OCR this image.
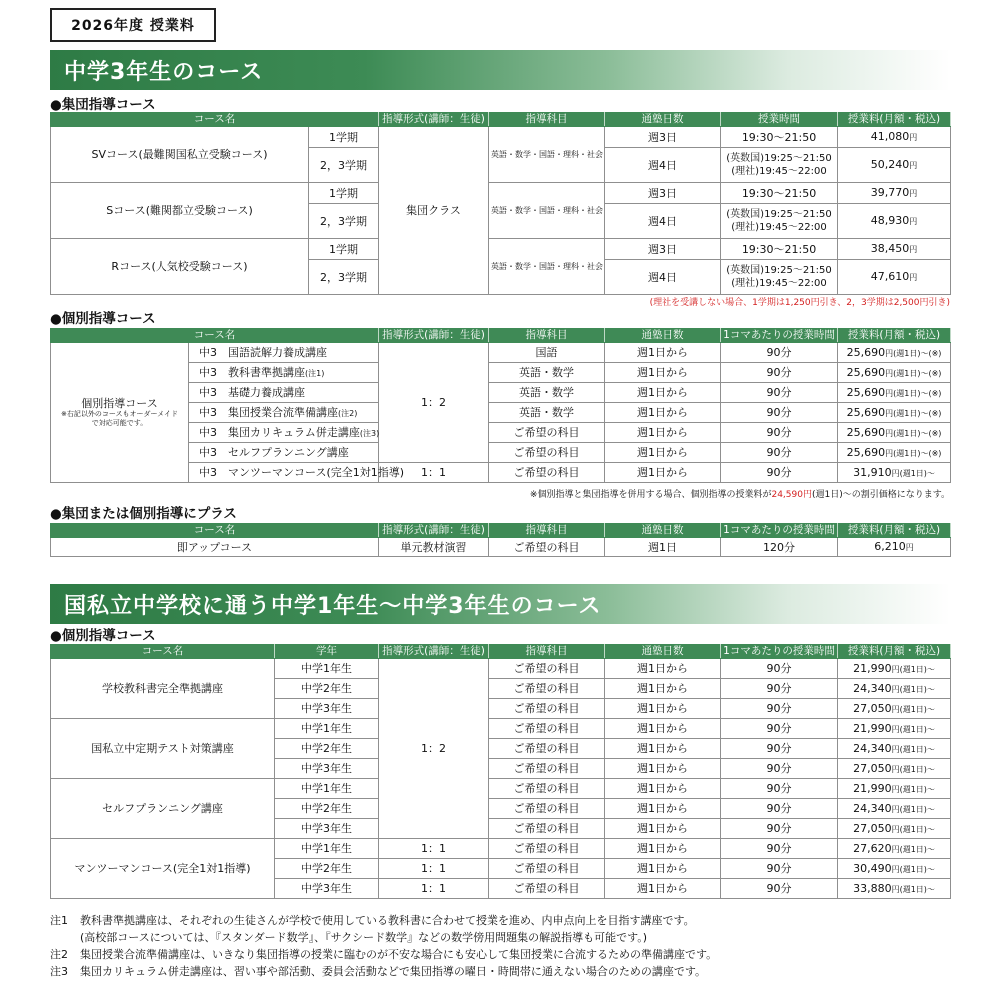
2026年度 授業料
中学3年生のコース
●集団指導コース
コース名		指導形式(講師：生徒)	指導科目	通塾日数	授業時間	授業料(月額・税込)
SVコース(最難関国私立受験コース)	1学期	集団クラス	英語・数学・国語・理科・社会	週3日	19:30〜21:50	41,080円
	2，3学期			週4日	(英数国)19:25〜21:50
(理社)19:45〜22:00	50,240円
Sコース(難関都立受験コース)	1学期		英語・数学・国語・理科・社会	週3日	19:30〜21:50	39,770円
	2，3学期			週4日	(英数国)19:25〜21:50
(理社)19:45〜22:00	48,930円
Rコース(人気校受験コース)	1学期		英語・数学・国語・理科・社会	週3日	19:30〜21:50	38,450円
	2，3学期			週4日	(英数国)19:25〜21:50
(理社)19:45〜22:00	47,610円
(理社を受講しない場合、1学期は1,250円引き、2，3学期は2,500円引き)
●個別指導コース
コース名		指導形式(講師：生徒)	指導科目	通塾日数	1コマあたりの授業時間	授業料(月額・税込)

個別指導コース
※右記以外のコースもオーダーメイドで対応可能です。	中3　 国語読解力養成講座	1：2	国語	週1日から	90分	25,690円(週1日)〜(※)
	中3　 教科書準拠講座(注1)		英語・数学	週1日から	90分	25,690円(週1日)〜(※)
	中3　 基礎力養成講座		英語・数学	週1日から	90分	25,690円(週1日)〜(※)
	中3　 集団授業合流準備講座(注2)		英語・数学	週1日から	90分	25,690円(週1日)〜(※)
	中3　 集団カリキュラム併走講座(注3)		ご希望の科目	週1日から	90分	25,690円(週1日)〜(※)
	中3　 セルフプランニング講座		ご希望の科目	週1日から	90分	25,690円(週1日)〜(※)
	中3　 マンツーマンコース(完全1対1指導)	1：1	ご希望の科目	週1日から	90分	31,910円(週1日)〜
※個別指導と集団指導を併用する場合、個別指導の授業料が24,590円(週1日)〜の割引価格になります。
●集団または個別指導にプラス
コース名	指導形式(講師：生徒)	指導科目	通塾日数	1コマあたりの授業時間	授業料(月額・税込)
即アップコース	単元教材演習	ご希望の科目	週1日	120分	6,210円
国私立中学校に通う中学1年生〜中学3年生のコース
●個別指導コース
コース名	学年	指導形式(講師：生徒)	指導科目	通塾日数	1コマあたりの授業時間	授業料(月額・税込)
学校教科書完全準拠講座	中学1年生	1：2	ご希望の科目	週1日から	90分	21,990円(週1日)〜
	中学2年生		ご希望の科目	週1日から	90分	24,340円(週1日)〜
	中学3年生		ご希望の科目	週1日から	90分	27,050円(週1日)〜
国私立中定期テスト対策講座	中学1年生		ご希望の科目	週1日から	90分	21,990円(週1日)〜
	中学2年生		ご希望の科目	週1日から	90分	24,340円(週1日)〜
	中学3年生		ご希望の科目	週1日から	90分	27,050円(週1日)〜
セルフプランニング講座	中学1年生		ご希望の科目	週1日から	90分	21,990円(週1日)〜
	中学2年生		ご希望の科目	週1日から	90分	24,340円(週1日)〜
	中学3年生		ご希望の科目	週1日から	90分	27,050円(週1日)〜
マンツーマンコース(完全1対1指導)	中学1年生	1：1	ご希望の科目	週1日から	90分	27,620円(週1日)〜
	中学2年生	1：1	ご希望の科目	週1日から	90分	30,490円(週1日)〜
	中学3年生	1：1	ご希望の科目	週1日から	90分	33,880円(週1日)〜
注1 教科書準拠講座は、それぞれの生徒さんが学校で使用している教科書に合わせて授業を進め、内申点向上を目指す講座です。
(高校部コースについては、『スタンダード数学』、『サクシード数学』などの数学傍用問題集の解説指導も可能です。)
注2 集団授業合流準備講座は、いきなり集団指導の授業に臨むのが不安な場合にも安心して集団授業に合流するための準備講座です。
注3 集団カリキュラム併走講座は、習い事や部活動、委員会活動などで集団指導の曜日・時間帯に通えない場合のための講座です。
